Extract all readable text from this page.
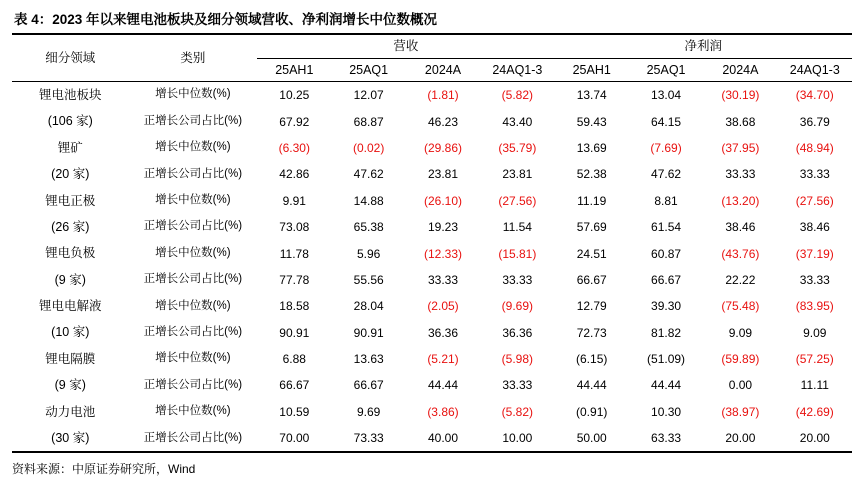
表 4：2023 年以来锂电池板块及细分领域营收、净利润增长中位数概况
细分领域	类别	营收				净利润			
		25AH1	25AQ1	2024A	24AQ1-3	25AH1	25AQ1	2024A	24AQ1-3
锂电池板块	增长中位数(%)	10.25	12.07	(1.81)	(5.82)	13.74	13.04	(30.19)	(34.70)
(106 家)	正增长公司占比(%)	67.92	68.87	46.23	43.40	59.43	64.15	38.68	36.79
锂矿	增长中位数(%)	(6.30)	(0.02)	(29.86)	(35.79)	13.69	(7.69)	(37.95)	(48.94)
(20 家)	正增长公司占比(%)	42.86	47.62	23.81	23.81	52.38	47.62	33.33	33.33
锂电正极	增长中位数(%)	9.91	14.88	(26.10)	(27.56)	11.19	8.81	(13.20)	(27.56)
(26 家)	正增长公司占比(%)	73.08	65.38	19.23	11.54	57.69	61.54	38.46	38.46
锂电负极	增长中位数(%)	11.78	5.96	(12.33)	(15.81)	24.51	60.87	(43.76)	(37.19)
(9 家)	正增长公司占比(%)	77.78	55.56	33.33	33.33	66.67	66.67	22.22	33.33
锂电电解液	增长中位数(%)	18.58	28.04	(2.05)	(9.69)	12.79	39.30	(75.48)	(83.95)
(10 家)	正增长公司占比(%)	90.91	90.91	36.36	36.36	72.73	81.82	9.09	9.09
锂电隔膜	增长中位数(%)	6.88	13.63	(5.21)	(5.98)	(6.15)	(51.09)	(59.89)	(57.25)
(9 家)	正增长公司占比(%)	66.67	66.67	44.44	33.33	44.44	44.44	0.00	11.11
动力电池	增长中位数(%)	10.59	9.69	(3.86)	(5.82)	(0.91)	10.30	(38.97)	(42.69)
(30 家)	正增长公司占比(%)	70.00	73.33	40.00	10.00	50.00	63.33	20.00	20.00
资料来源：中原证券研究所，Wind
